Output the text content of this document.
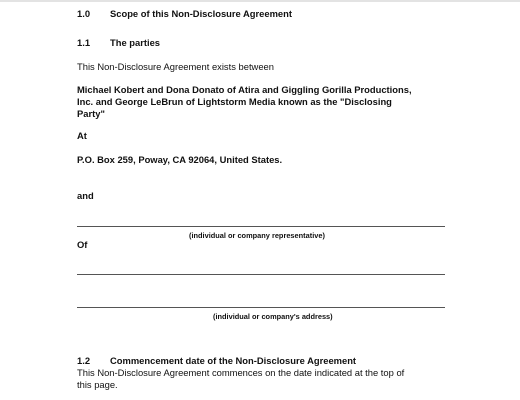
1.0 Scope of this Non-Disclosure Agreement
1.1 The parties
This Non-Disclosure Agreement exists between
Michael Kobert and Dona Donato of Atira and Giggling Gorilla Productions,
Inc. and George LeBrun of Lightstorm Media known as the "Disclosing
Party"
At
P.O. Box 259, Poway, CA 92064, United States.
and
(individual or company representative)
Of
(individual or company's address)
1.2 Commencement date of the Non-Disclosure Agreement
This Non-Disclosure Agreement commences on the date indicated at the top of
this page.
